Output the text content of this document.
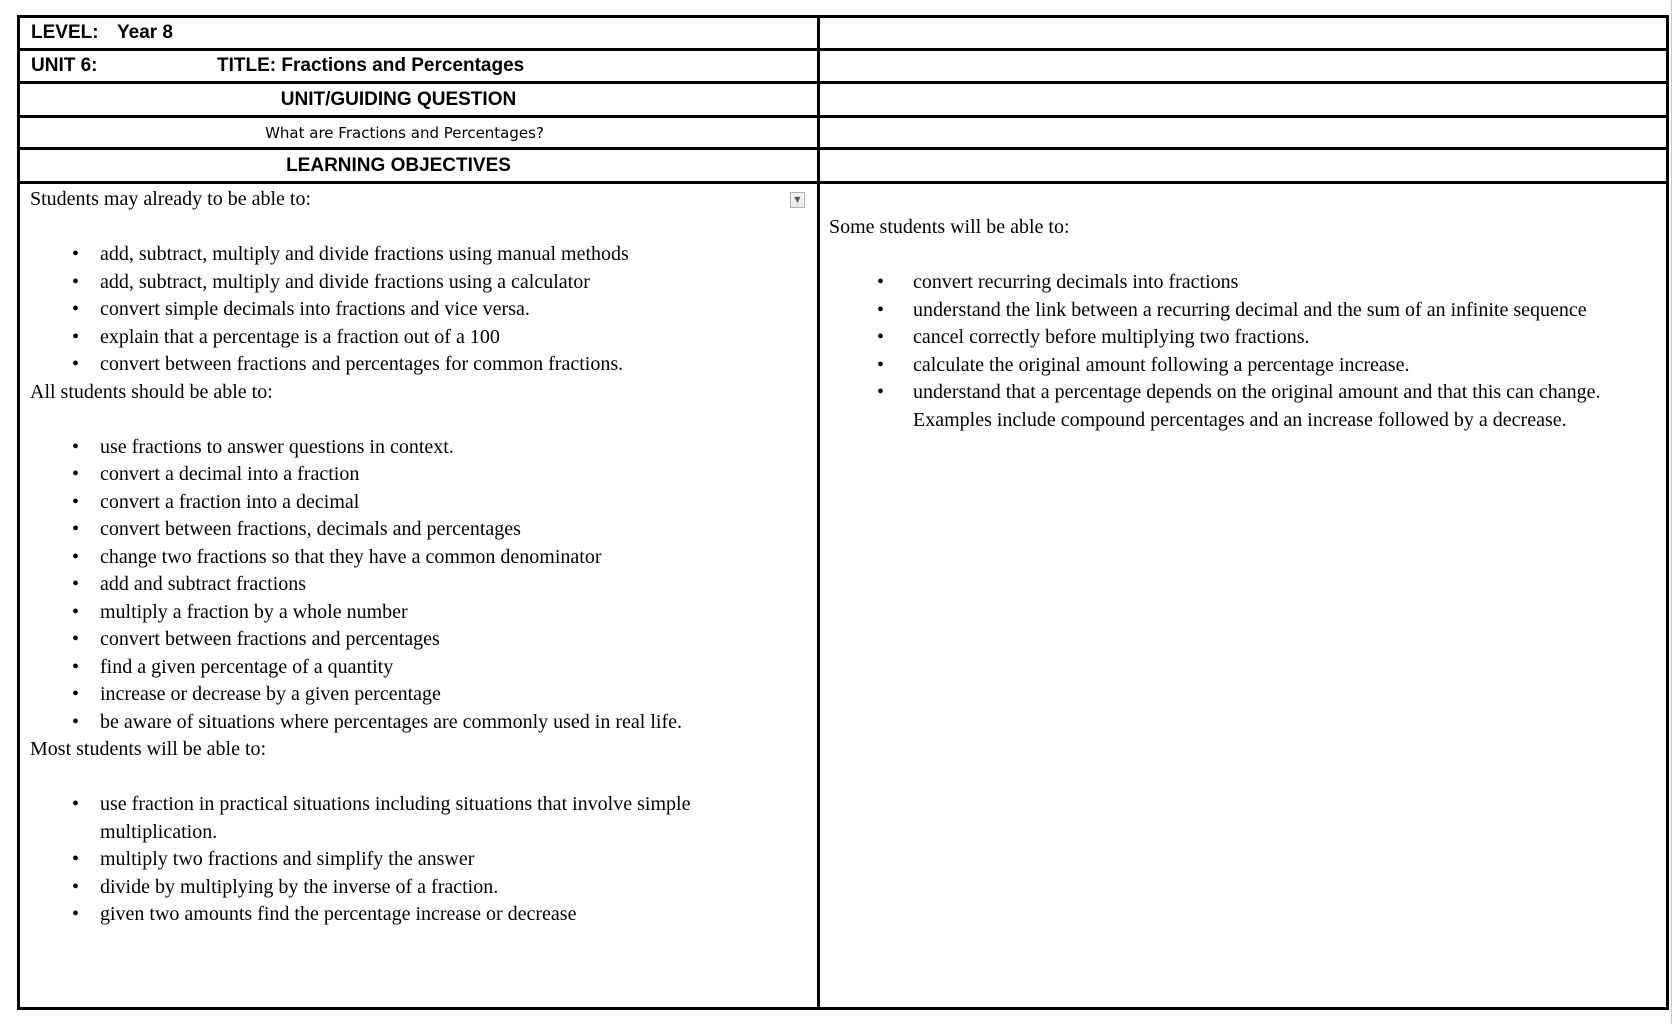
LEVEL: Year 8
UNIT 6:	TITLE: Fractions and Percentages
UNIT/GUIDING QUESTION
What are Fractions and Percentages?
LEARNING OBJECTIVES
▼
Students may already to be able to:
•	add, subtract, multiply and divide fractions using manual methods
•	add, subtract, multiply and divide fractions using a calculator
•	convert simple decimals into fractions and vice versa.
•	explain that a percentage is a fraction out of a 100
•	convert between fractions and percentages for common fractions.
All students should be able to:
•	use fractions to answer questions in context.
•	convert a decimal into a fraction
•	convert a fraction into a decimal
•	convert between fractions, decimals and percentages
•	change two fractions so that they have a common denominator
•	add and subtract fractions
•	multiply a fraction by a whole number
•	convert between fractions and percentages
•	find a given percentage of a quantity
•	increase or decrease by a given percentage
•	be aware of situations where percentages are commonly used in real life.
Most students will be able to:
•	use fraction in practical situations including situations that involve simple multiplication.
•	multiply two fractions and simplify the answer
•	divide by multiplying by the inverse of a fraction.
•	given two amounts find the percentage increase or decrease
Some students will be able to:
•	convert recurring decimals into fractions
•	understand the link between a recurring decimal and the sum of an infinite sequence
•	cancel correctly before multiplying two fractions.
•	calculate the original amount following a percentage increase.
•	understand that a percentage depends on the original amount and that this can change. Examples include compound percentages and an increase followed by a decrease.
